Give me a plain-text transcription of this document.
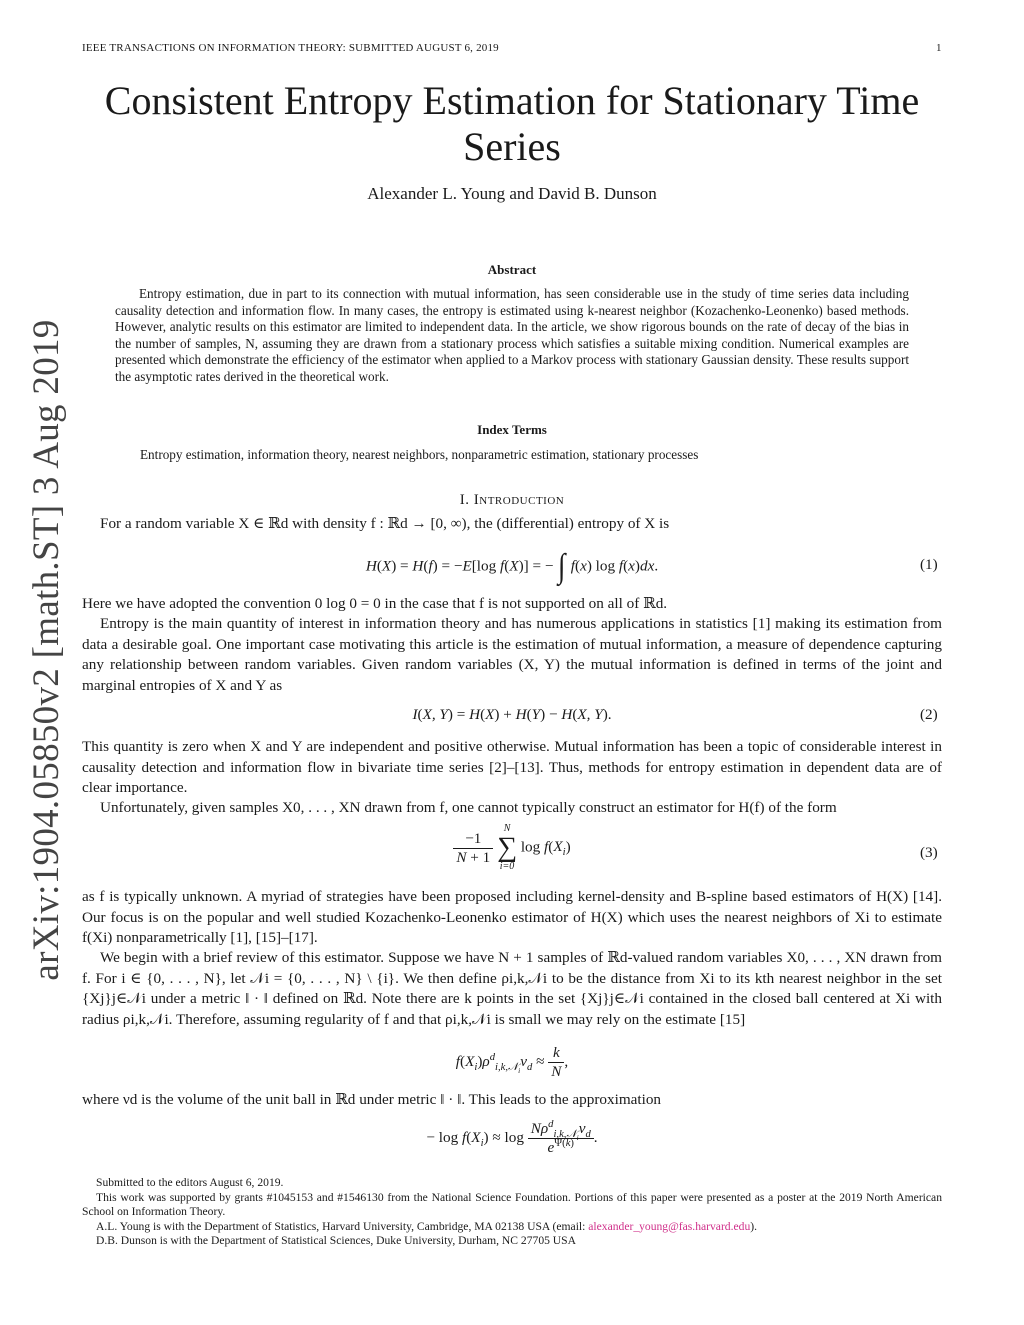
IEEE TRANSACTIONS ON INFORMATION THEORY: SUBMITTED AUGUST 6, 2019	1
arXiv:1904.05850v2 [math.ST] 3 Aug 2019
Consistent Entropy Estimation for Stationary Time Series
Alexander L. Young and David B. Dunson
Abstract
Entropy estimation, due in part to its connection with mutual information, has seen considerable use in the study of time series data including causality detection and information flow. In many cases, the entropy is estimated using k-nearest neighbor (Kozachenko-Leonenko) based methods. However, analytic results on this estimator are limited to independent data. In the article, we show rigorous bounds on the rate of decay of the bias in the number of samples, N, assuming they are drawn from a stationary process which satisfies a suitable mixing condition. Numerical examples are presented which demonstrate the efficiency of the estimator when applied to a Markov process with stationary Gaussian density. These results support the asymptotic rates derived in the theoretical work.
Index Terms
Entropy estimation, information theory, nearest neighbors, nonparametric estimation, stationary processes
I. Introduction
For a random variable X ∈ ℝd with density f : ℝd → [0, ∞), the (differential) entropy of X is
H(X) = H(f) = −E[log f(X)] = − ∫ f(x) log f(x)dx.	(1)
Here we have adopted the convention 0 log 0 = 0 in the case that f is not supported on all of ℝd.
Entropy is the main quantity of interest in information theory and has numerous applications in statistics [1] making its estimation from data a desirable goal. One important case motivating this article is the estimation of mutual information, a measure of dependence capturing any relationship between random variables. Given random variables (X, Y) the mutual information is defined in terms of the joint and marginal entropies of X and Y as
I(X, Y) = H(X) + H(Y) − H(X, Y).	(2)
This quantity is zero when X and Y are independent and positive otherwise. Mutual information has been a topic of considerable interest in causality detection and information flow in bivariate time series [2]–[13]. Thus, methods for entropy estimation in dependent data are of clear importance.
Unfortunately, given samples X0, . . . , XN drawn from f, one cannot typically construct an estimator for H(f) of the form
$\frac{-1}{N + 1}$

N
∑
i=0
$\log f(X_i)$	(3)
as f is typically unknown. A myriad of strategies have been proposed including kernel-density and B-spline based estimators of H(X) [14]. Our focus is on the popular and well studied Kozachenko-Leonenko estimator of H(X) which uses the nearest neighbors of Xi to estimate f(Xi) nonparametrically [1], [15]–[17].
We begin with a brief review of this estimator. Suppose we have N + 1 samples of ℝd-valued random variables X0, . . . , XN drawn from f. For i ∈ {0, . . . , N}, let 𝒩i = {0, . . . , N} \ {i}. We then define ρi,k,𝒩i to be the distance from Xi to its kth nearest neighbor in the set {Xj}j∈𝒩i under a metric ‖ · ‖ defined on ℝd. Note there are k points in the set {Xj}j∈𝒩i contained in the closed ball centered at Xi with radius ρi,k,𝒩i. Therefore, assuming regularity of f and that ρi,k,𝒩i is small we may rely on the estimate [15]
$f(X_i)\rho^d_{i,k,𝒩_i}\nu_d \approx \frac{k}{N}$ ,
where νd is the volume of the unit ball in ℝd under metric ‖ · ‖. This leads to the approximation
− $\log f(X_i) \approx \log \frac{N\rho^d_{i,k,𝒩_i}\nu_d}{e^{\Psi(k)}}$ .

Submitted to the editors August 6, 2019.

This work was supported by grants #1045153 and #1546130 from the National Science Foundation. Portions of this paper were presented as a poster at the 2019 North American School on Information Theory.

A.L. Young is with the Department of Statistics, Harvard University, Cambridge, MA 02138 USA (email: alexander_young@fas.harvard.edu).

D.B. Dunson is with the Department of Statistical Sciences, Duke University, Durham, NC 27705 USA
